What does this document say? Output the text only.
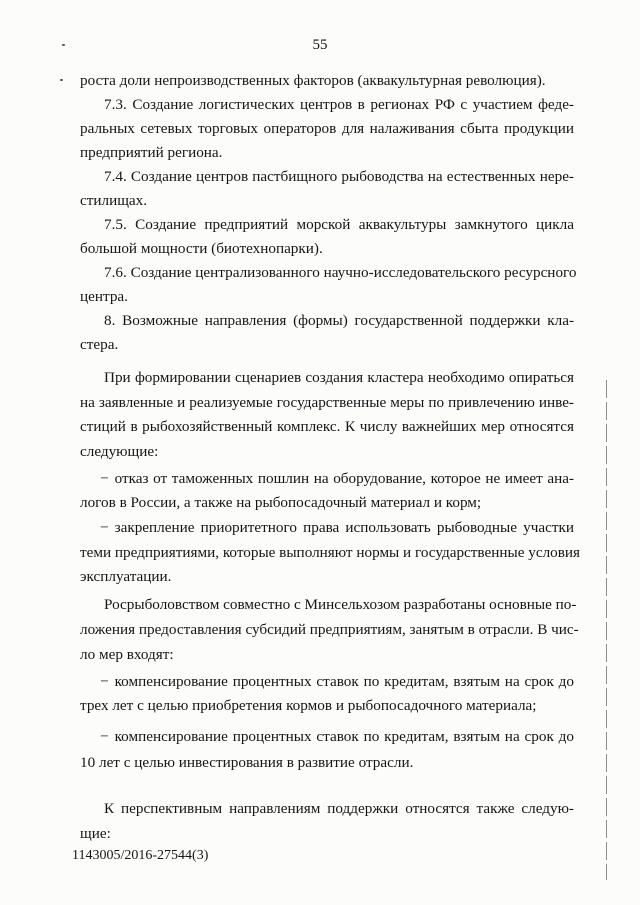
55
роста доли непроизводственных факторов (аквакультурная революция).
7.3. Создание логистических центров в регионах РФ с участием феде-
ральных сетевых торговых операторов для налаживания сбыта продукции
предприятий региона.
7.4. Создание центров пастбищного рыбоводства на естественных нере-
стилищах.
7.5. Создание предприятий морской аквакультуры замкнутого цикла
большой мощности (биотехнопарки).
7.6. Создание централизованного научно-исследовательского ресурсного
центра.
8. Возможные направления (формы) государственной поддержки кла-
стера.
При формировании сценариев создания кластера необходимо опираться
на заявленные и реализуемые государственные меры по привлечению инве-
стиций в рыбохозяйственный комплекс. К числу важнейших мер относятся
следующие:
− отказ от таможенных пошлин на оборудование, которое не имеет ана-
логов в России, а также на рыбопосадочный материал и корм;
− закрепление приоритетного права использовать рыбоводные участки
теми предприятиями, которые выполняют нормы и государственные условия
эксплуатации.
Росрыболовством совместно с Минсельхозом разработаны основные по-
ложения предоставления субсидий предприятиям, занятым в отрасли. В чис-
ло мер входят:
− компенсирование процентных ставок по кредитам, взятым на срок до
трех лет с целью приобретения кормов и рыбопосадочного материала;
− компенсирование процентных ставок по кредитам, взятым на срок до
10 лет с целью инвестирования в развитие отрасли.
К перспективным направлениям поддержки относятся также следую-
щие:
1143005/2016-27544(3)
